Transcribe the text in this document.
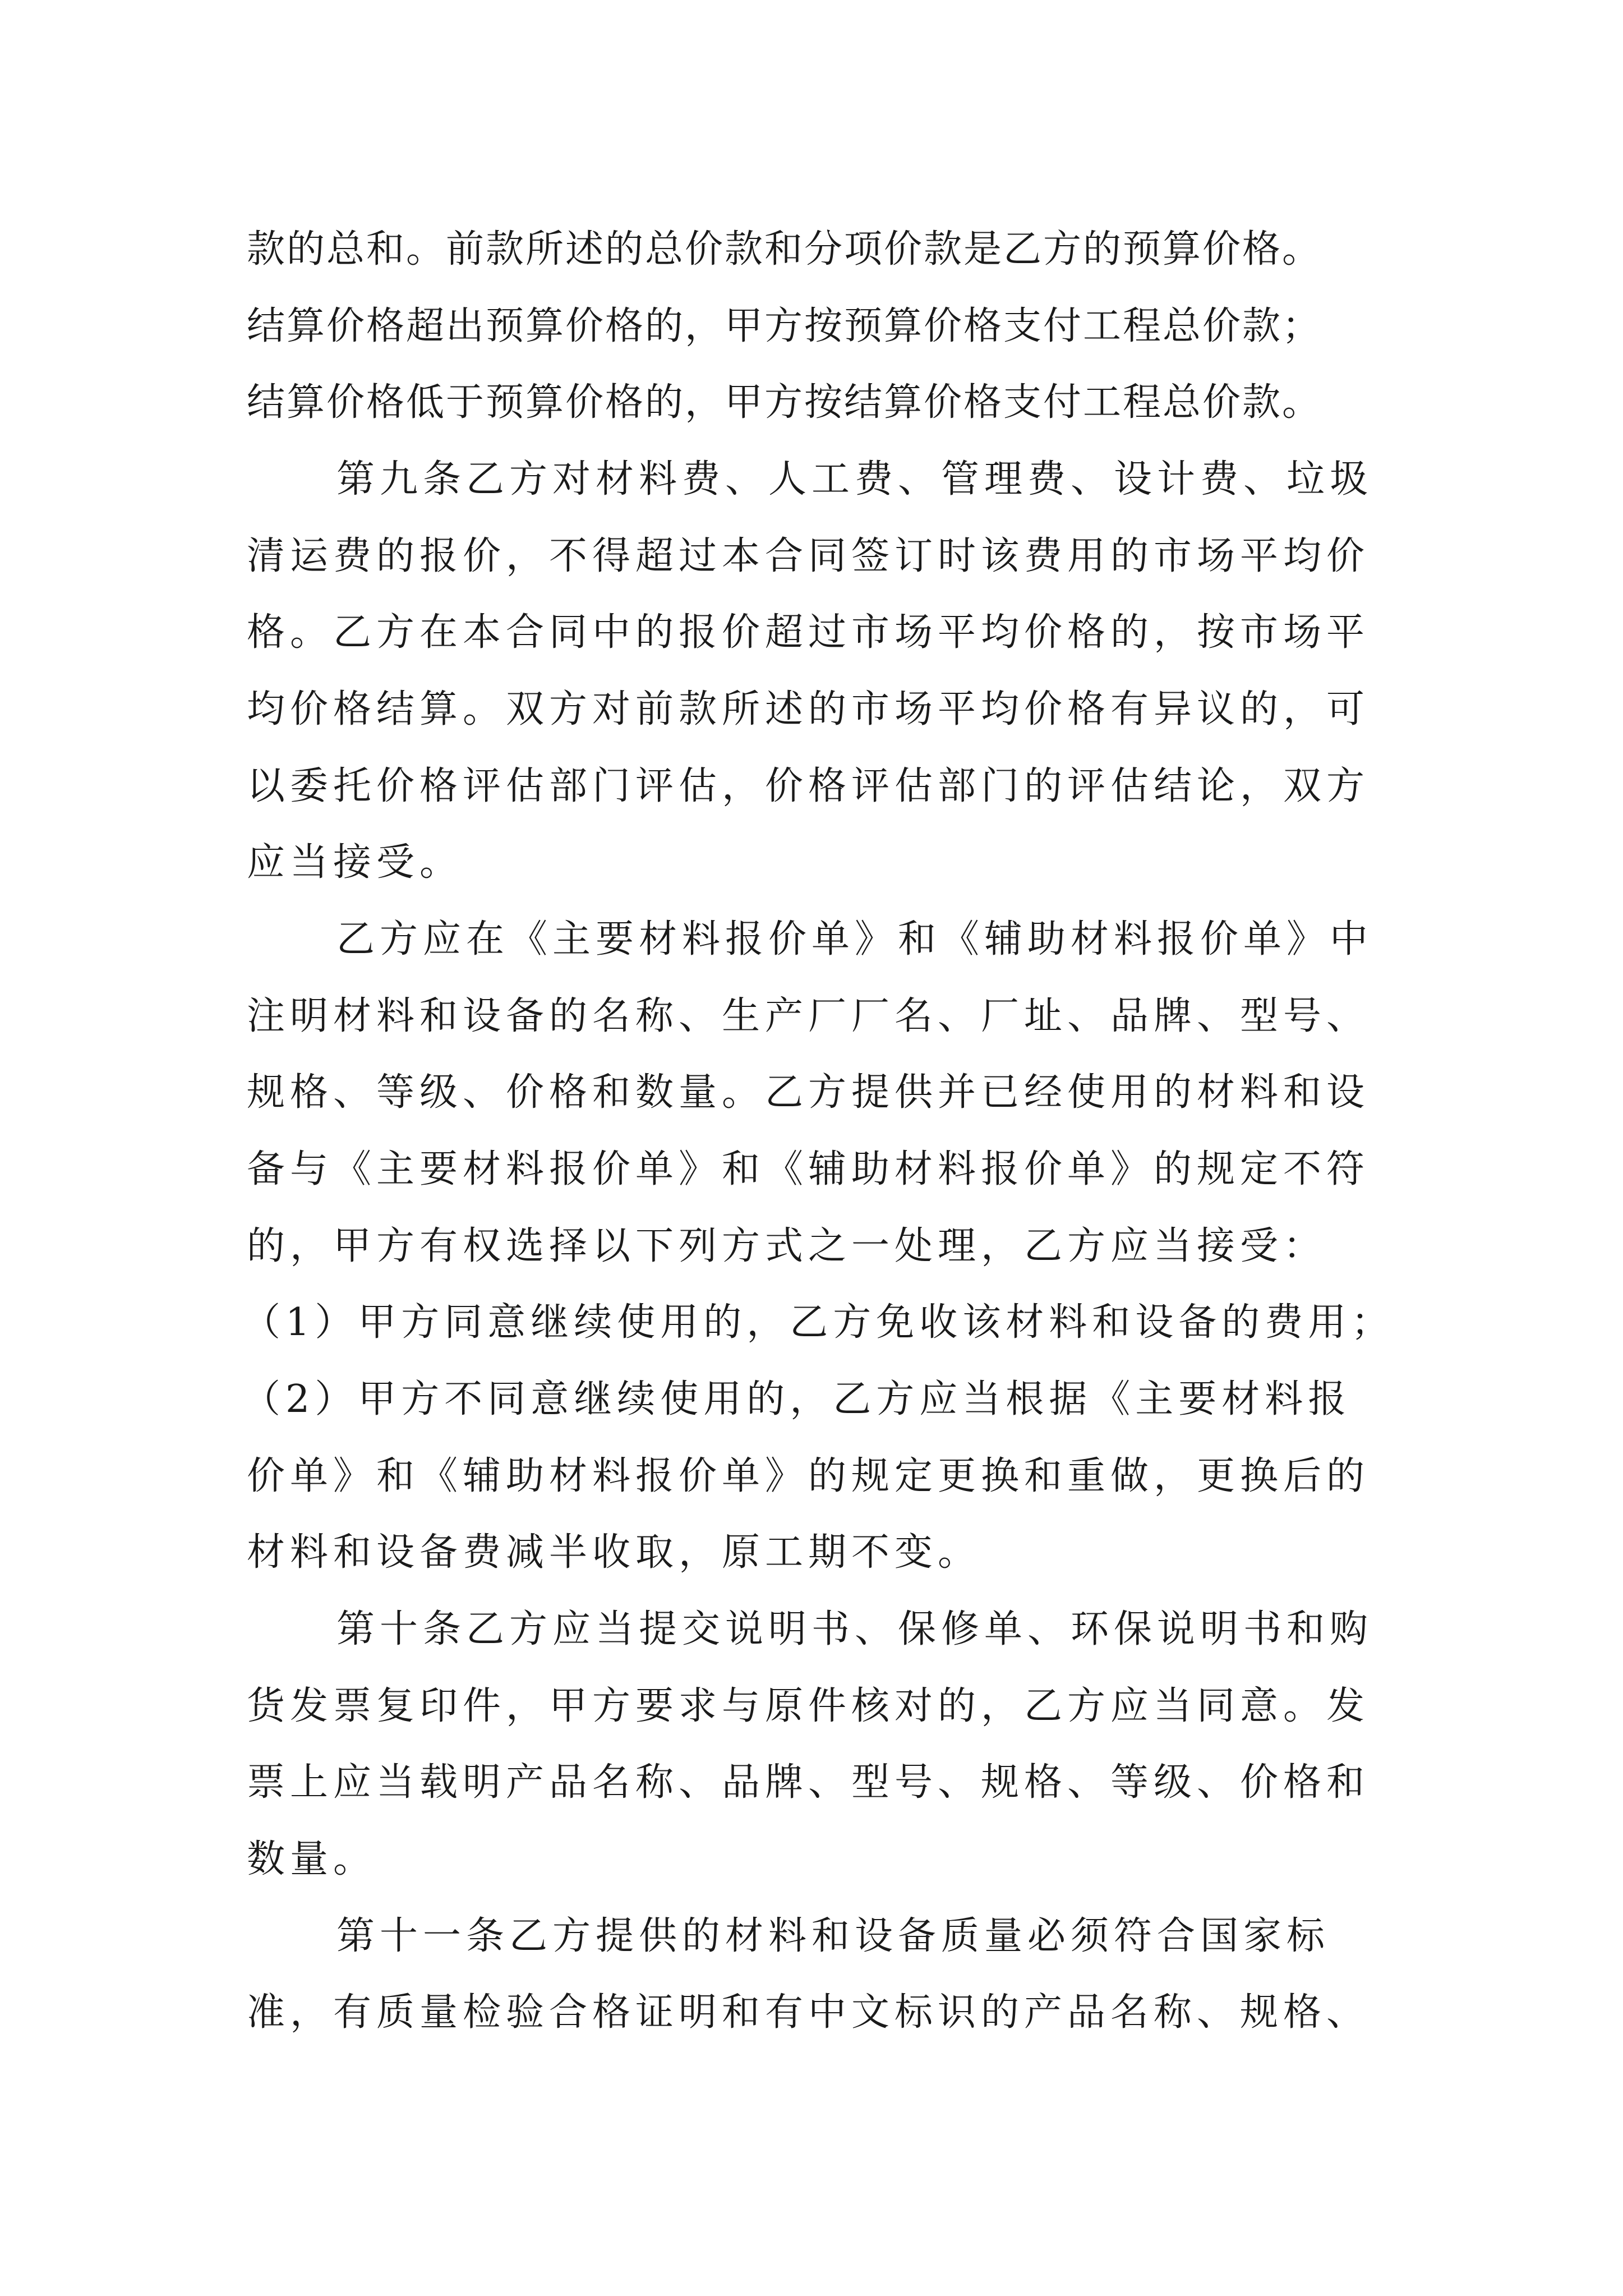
款的总和。前款所述的总价款和分项价款是乙方的预算价格。

结算价格超出预算价格的，甲方按预算价格支付工程总价款；

结算价格低于预算价格的，甲方按结算价格支付工程总价款。

第九条乙方对材料费、人工费、管理费、设计费、垃圾

清运费的报价，不得超过本合同签订时该费用的市场平均价

格。乙方在本合同中的报价超过市场平均价格的，按市场平

均价格结算。双方对前款所述的市场平均价格有异议的，可

以委托价格评估部门评估，价格评估部门的评估结论，双方

应当接受。

乙方应在《主要材料报价单》和《辅助材料报价单》中

注明材料和设备的名称、生产厂厂名、厂址、品牌、型号、

规格、等级、价格和数量。乙方提供并已经使用的材料和设

备与《主要材料报价单》和《辅助材料报价单》的规定不符

的，甲方有权选择以下列方式之一处理，乙方应当接受：

（1）甲方同意继续使用的，乙方免收该材料和设备的费用；

（2）甲方不同意继续使用的，乙方应当根据《主要材料报

价单》和《辅助材料报价单》的规定更换和重做，更换后的

材料和设备费减半收取，原工期不变。

第十条乙方应当提交说明书、保修单、环保说明书和购

货发票复印件，甲方要求与原件核对的，乙方应当同意。发

票上应当载明产品名称、品牌、型号、规格、等级、价格和

数量。

第十一条乙方提供的材料和设备质量必须符合国家标

准，有质量检验合格证明和有中文标识的产品名称、规格、
